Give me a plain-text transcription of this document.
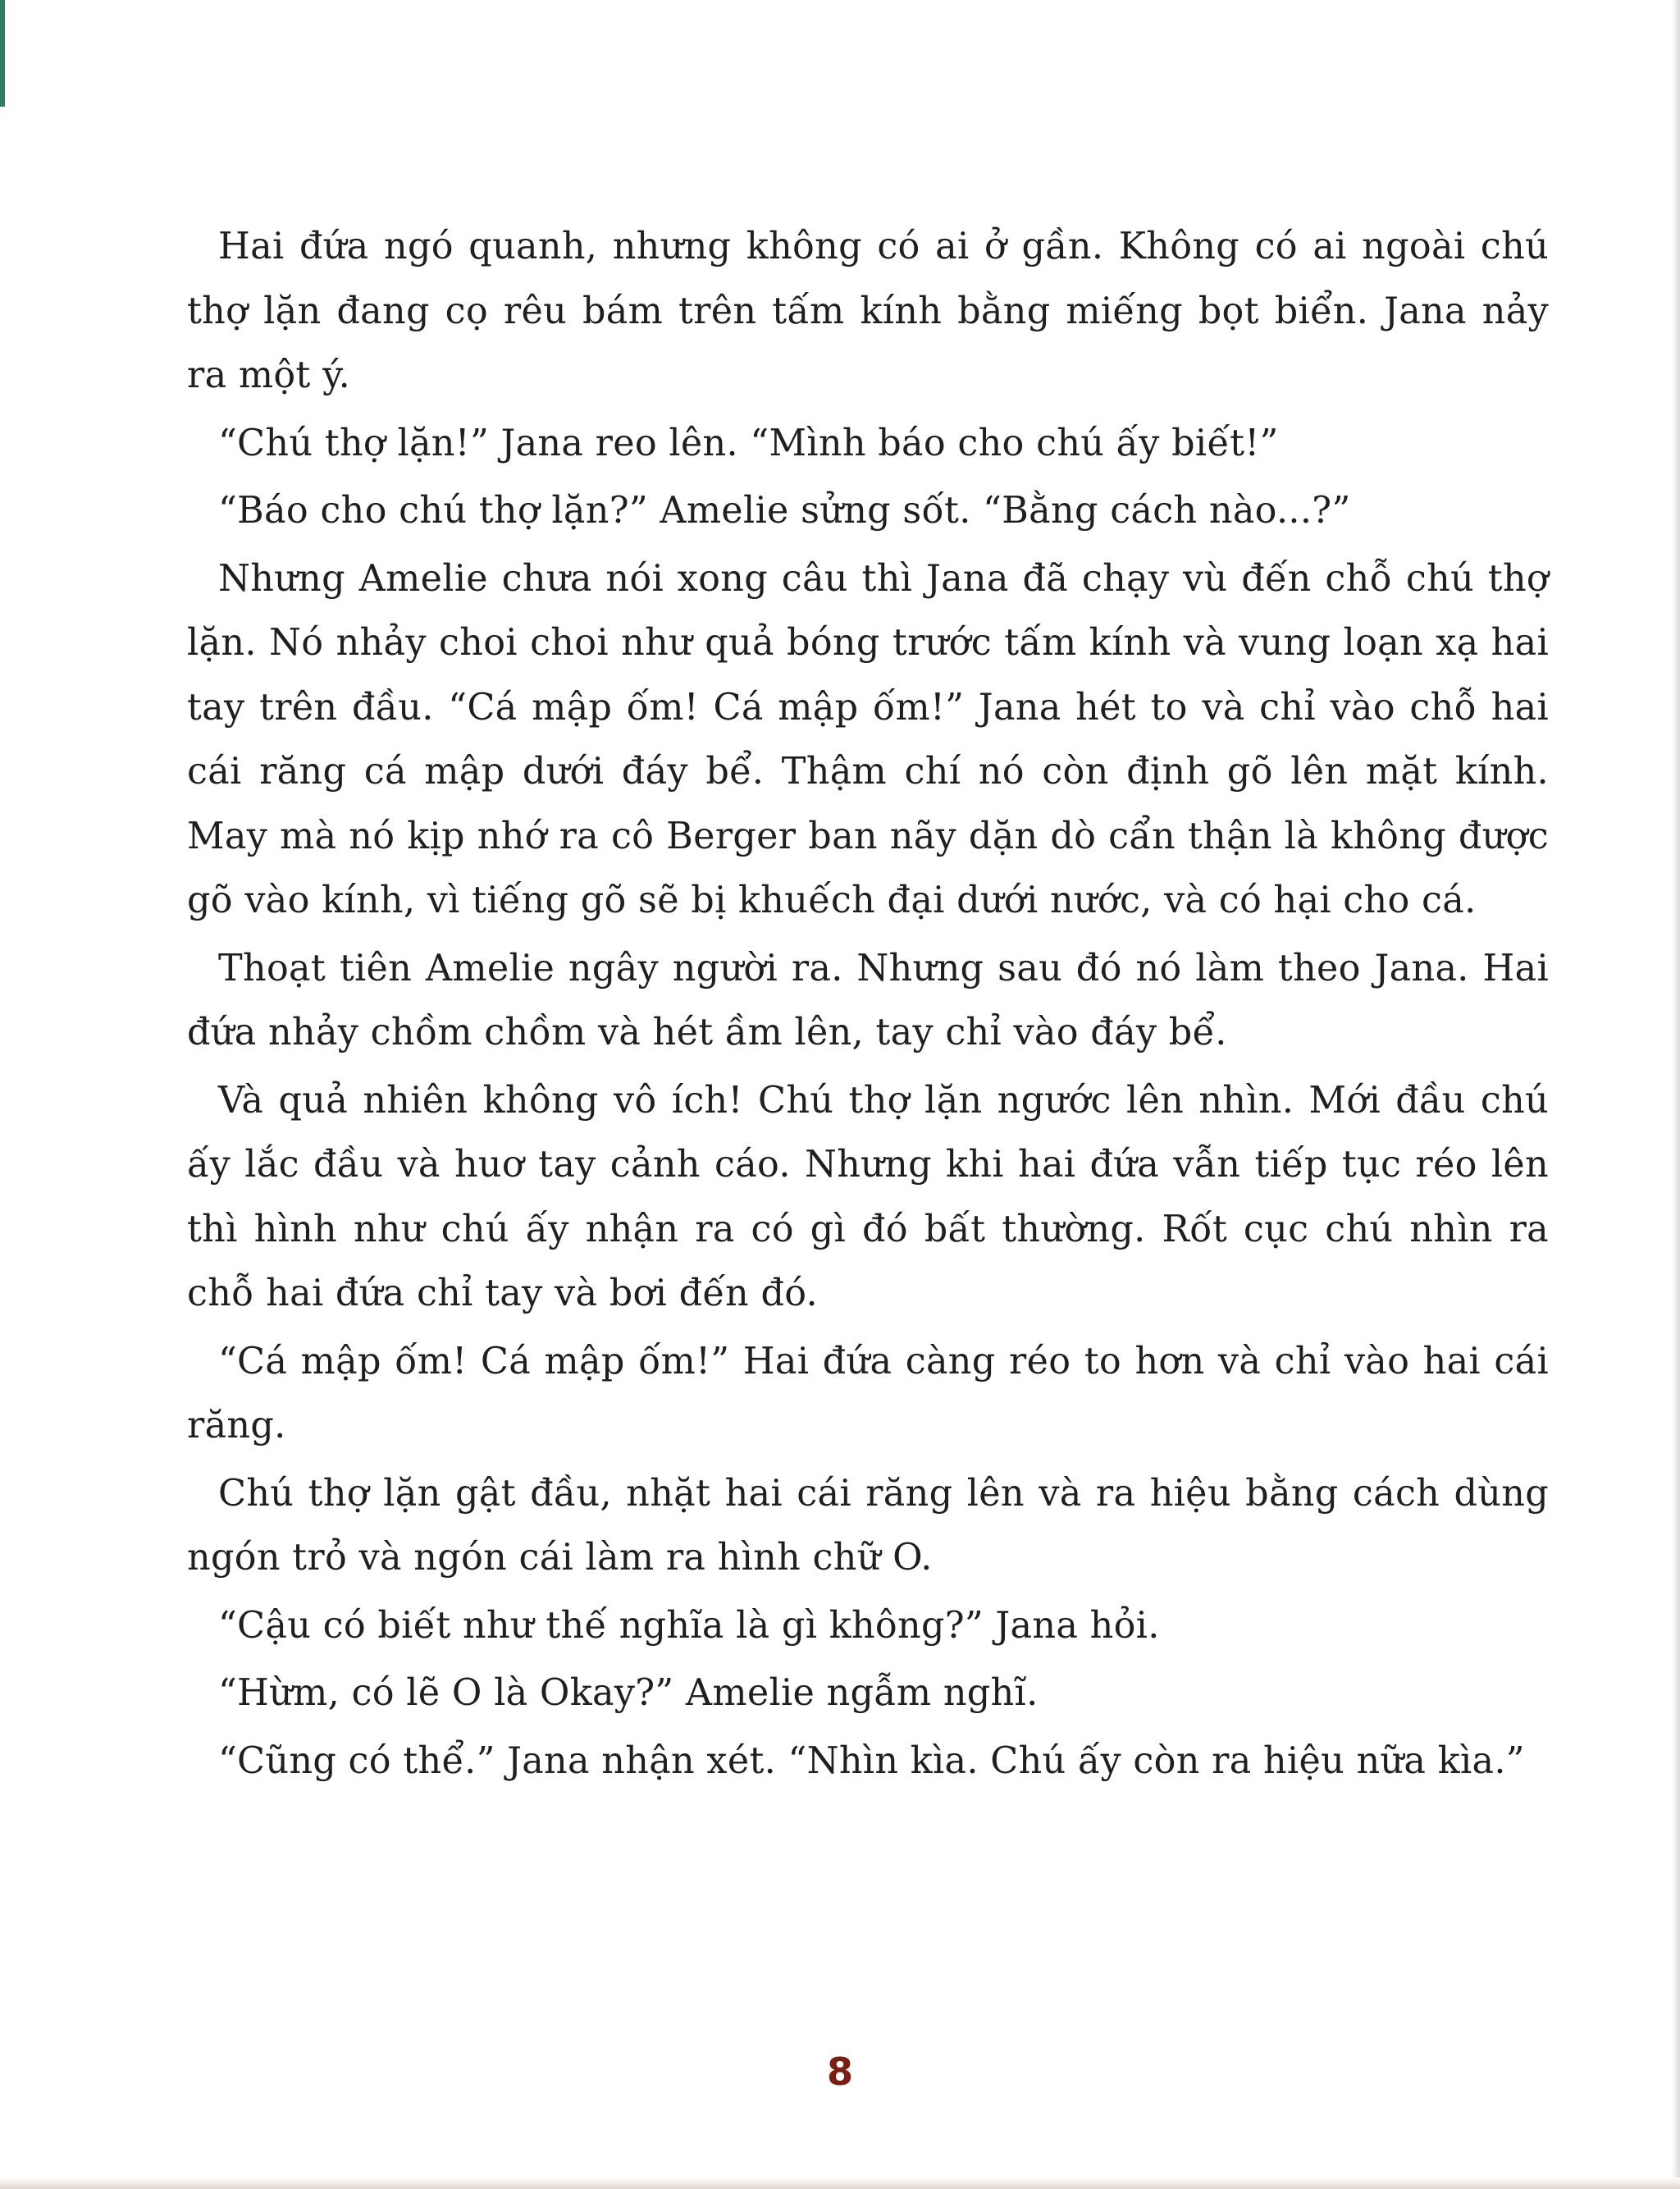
Hai đứa ngó quanh, nhưng không có ai ở gần. Không có ai ngoài chú thợ lặn đang cọ rêu bám trên tấm kính bằng miếng bọt biển. Jana nảy ra một ý.

“Chú thợ lặn!” Jana reo lên. “Mình báo cho chú ấy biết!”

“Báo cho chú thợ lặn?” Amelie sửng sốt. “Bằng cách nào...?”

Nhưng Amelie chưa nói xong câu thì Jana đã chạy vù đến chỗ chú thợ lặn. Nó nhảy choi choi như quả bóng trước tấm kính và vung loạn xạ hai tay trên đầu. “Cá mập ốm! Cá mập ốm!” Jana hét to và chỉ vào chỗ hai cái răng cá mập dưới đáy bể. Thậm chí nó còn định gõ lên mặt kính. May mà nó kịp nhớ ra cô Berger ban nãy dặn dò cẩn thận là không được gõ vào kính, vì tiếng gõ sẽ bị khuếch đại dưới nước, và có hại cho cá.

Thoạt tiên Amelie ngây người ra. Nhưng sau đó nó làm theo Jana. Hai đứa nhảy chồm chồm và hét ầm lên, tay chỉ vào đáy bể.

Và quả nhiên không vô ích! Chú thợ lặn ngước lên nhìn. Mới đầu chú ấy lắc đầu và huơ tay cảnh cáo. Nhưng khi hai đứa vẫn tiếp tục réo lên thì hình như chú ấy nhận ra có gì đó bất thường. Rốt cục chú nhìn ra chỗ hai đứa chỉ tay và bơi đến đó.

“Cá mập ốm! Cá mập ốm!” Hai đứa càng réo to hơn và chỉ vào hai cái răng.

Chú thợ lặn gật đầu, nhặt hai cái răng lên và ra hiệu bằng cách dùng ngón trỏ và ngón cái làm ra hình chữ O.

“Cậu có biết như thế nghĩa là gì không?” Jana hỏi.

“Hừm, có lẽ O là Okay?” Amelie ngẫm nghĩ.

“Cũng có thể.” Jana nhận xét. “Nhìn kìa. Chú ấy còn ra hiệu nữa kìa.”

8
